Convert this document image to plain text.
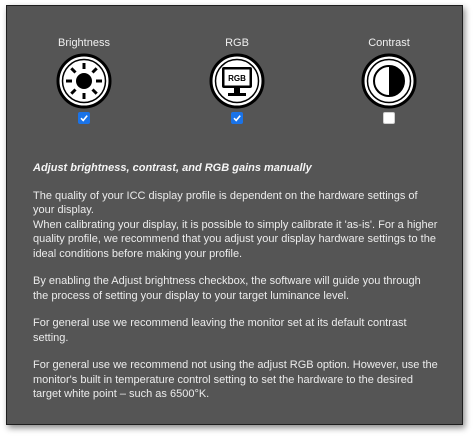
Brightness	RGB
RGB
Contrast

Adjust brightness, contrast, and RGB gains manually

The quality of your ICC display profile is dependent on the hardware settings of your display.
When calibrating your display, it is possible to simply calibrate it 'as-is'. For a higher quality profile, we recommend that you adjust your display hardware settings to the ideal conditions before making your profile.

By enabling the Adjust brightness checkbox, the software will guide you through the process of setting your display to your target luminance level.

For general use we recommend leaving the monitor set at its default contrast setting.

For general use we recommend not using the adjust RGB option. However, use the monitor's built in temperature control setting to set the hardware to the desired target white point – such as 6500°K.
